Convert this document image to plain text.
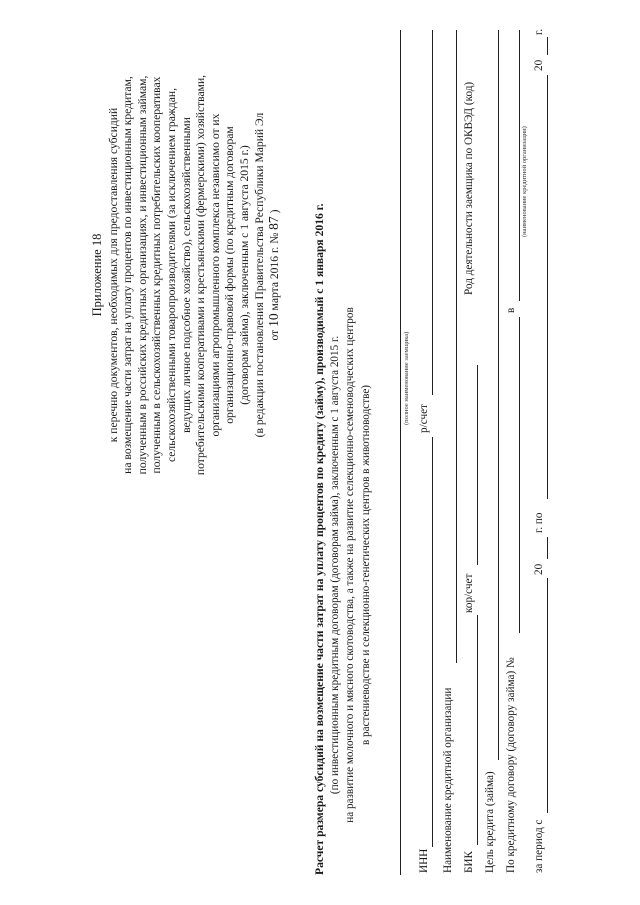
Приложение 18 к перечню документов, необходимых для предоставления субсидий на возмещение части затрат на уплату процентов по инвестиционным кредитам, полученным в российских кредитных организациях, и инвестиционным займам, полученным в сельскохозяйственных кредитных потребительских кооперативах сельскохозяйственными товаропроизводителями (за исключением граждан, ведущих личное подсобное хозяйство), сельскохозяйственными потребительскими кооперативами и крестьянскими (фермерскими) хозяйствами, организациями агропромышленного комплекса независимо от их организационно-правовой формы (по кредитным договорам (договорам займа), заключенным с 1 августа 2015 г.) (в редакции постановления Правительства Республики Марий Эл от 10 марта 2016 г. № 87 )	Расчет размера субсидий на возмещение части затрат на уплату процентов по кредиту (займу), производимый с 1 января 2016 г. (по инвестиционным кредитным договорам (договорам займа), заключенным с 1 августа 2015 г. на развитие молочного и мясного скотоводства, а также на развитие селекционно-семеноводческих центров в растениеводстве и селекционно-генетических центров в животноводстве)
ИНН
р/счет
(полное наименование заемщика)
Наименование кредитной организации БИК
кор/счет
Род деятельности заемщика по ОКВЭД (код)
Цель кредита (займа) По кредитному договору (договору займа) №
в
(наименование кредитной организации)
за период с
20
г. по
20
г.
